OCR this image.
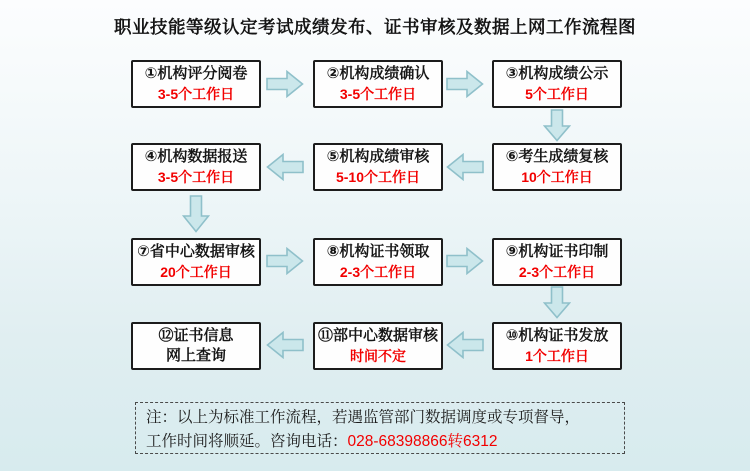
职业技能等级认定考试成绩发布、证书审核及数据上网工作流程图
①机构评分阅卷
3-5个工作日
②机构成绩确认
3-5个工作日
③机构成绩公示
5个工作日
④机构数据报送
3-5个工作日
⑤机构成绩审核
5-10个工作日
⑥考生成绩复核
10个工作日
⑦省中心数据审核
20个工作日
⑧机构证书领取
2-3个工作日
⑨机构证书印制
2-3个工作日
⑩机构证书发放
1个工作日
⑪部中心数据审核
时间不定
⑫证书信息
网上查询
注：以上为标准工作流程，若遇监管部门数据调度或专项督导，
工作时间将顺延。咨询电话：028-68398866转6312
